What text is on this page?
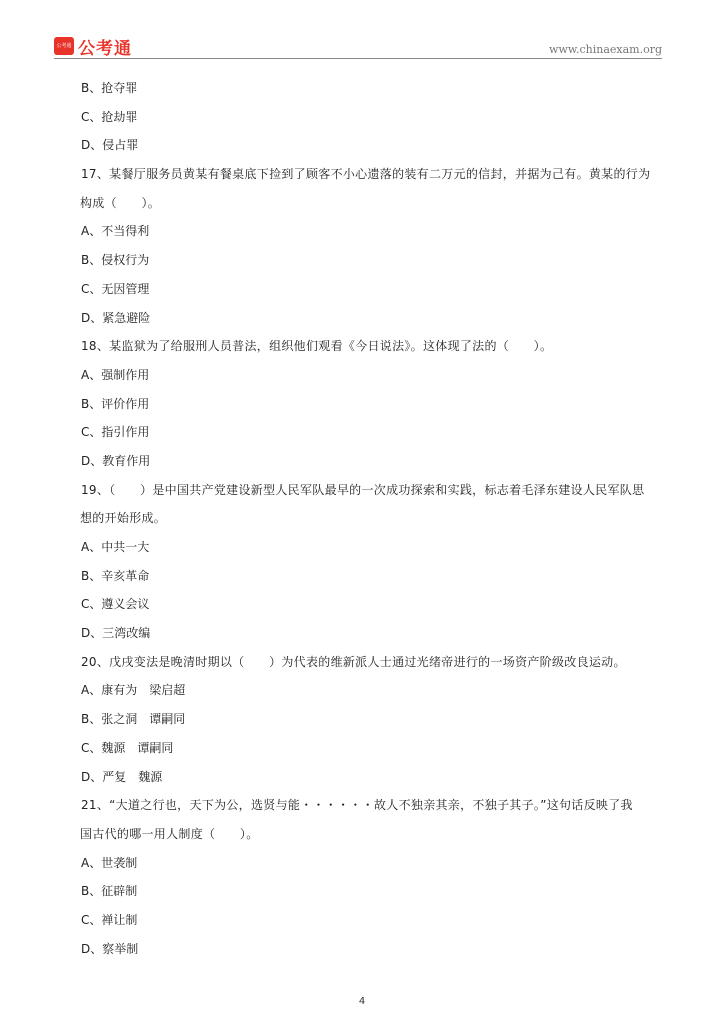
公考通 公考通	www.chinaexam.org
B、抢夺罪
C、抢劫罪
D、侵占罪
17、某餐厅服务员黄某有餐桌底下捡到了顾客不小心遗落的装有二万元的信封，并据为己有。黄某的行为
构成（　　）。
A、不当得利
B、侵权行为
C、无因管理
D、紧急避险
18、某监狱为了给服刑人员普法，组织他们观看《今日说法》。这体现了法的（　　）。
A、强制作用
B、评价作用
C、指引作用
D、教育作用
19、（　　）是中国共产党建设新型人民军队最早的一次成功探索和实践，标志着毛泽东建设人民军队思
想的开始形成。
A、中共一大
B、辛亥革命
C、遵义会议
D、三湾改编
20、戊戌变法是晚清时期以（　　）为代表的维新派人士通过光绪帝进行的一场资产阶级改良运动。
A、康有为　梁启超
B、张之洞　谭嗣同
C、魏源　谭嗣同
D、严复　魏源
21、“大道之行也，天下为公，选贤与能・・・・・・故人不独亲其亲，不独子其子。”这句话反映了我
国古代的哪一用人制度（　　）。
A、世袭制
B、征辟制
C、禅让制
D、察举制
4
